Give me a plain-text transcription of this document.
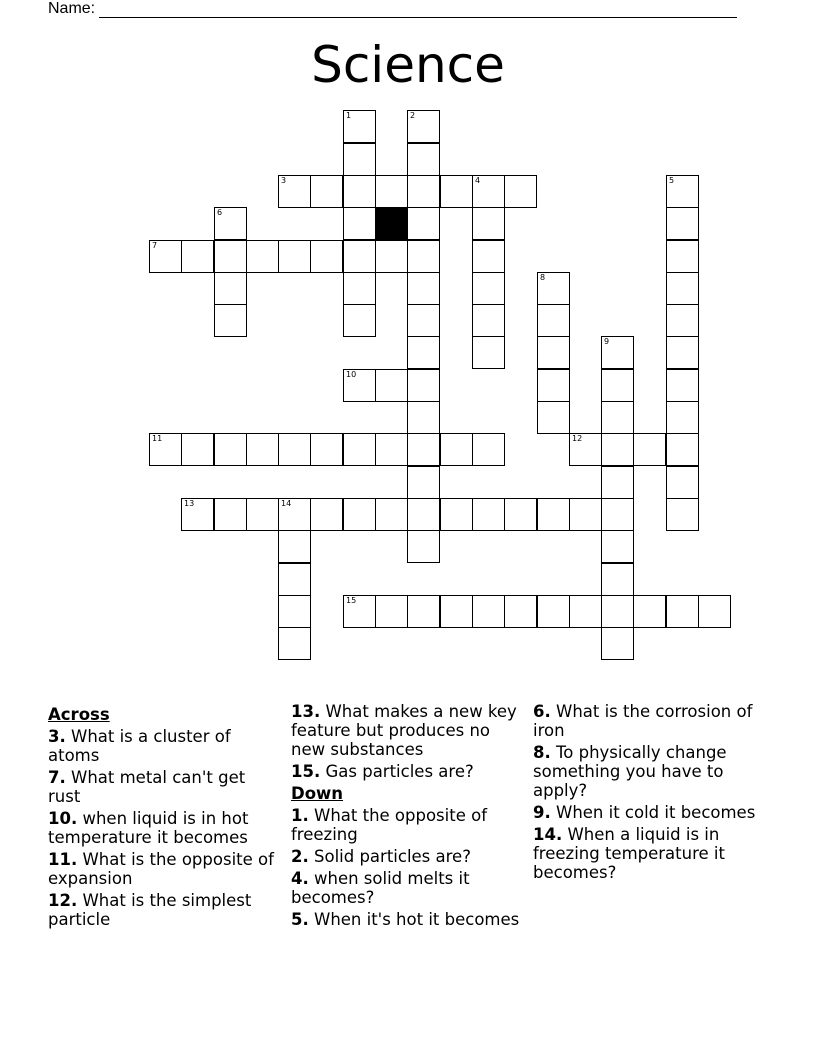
Name:
Science
1	2
3	4	5
6
7
8
9
10
11	12
13	14
15
Across
3. What is a cluster of atoms
7. What metal can't get rust
10. when liquid is in hot temperature it becomes
11. What is the opposite of expansion
12. What is the simplest particle
13. What makes a new key feature but produces no new substances
15. Gas particles are?
Down
1. What the opposite of freezing
2. Solid particles are?
4. when solid melts it becomes?
5. When it's hot it becomes
6. What is the corrosion of iron
8. To physically change something you have to apply?
9. When it cold it becomes
14. When a liquid is in freezing temperature it becomes?
